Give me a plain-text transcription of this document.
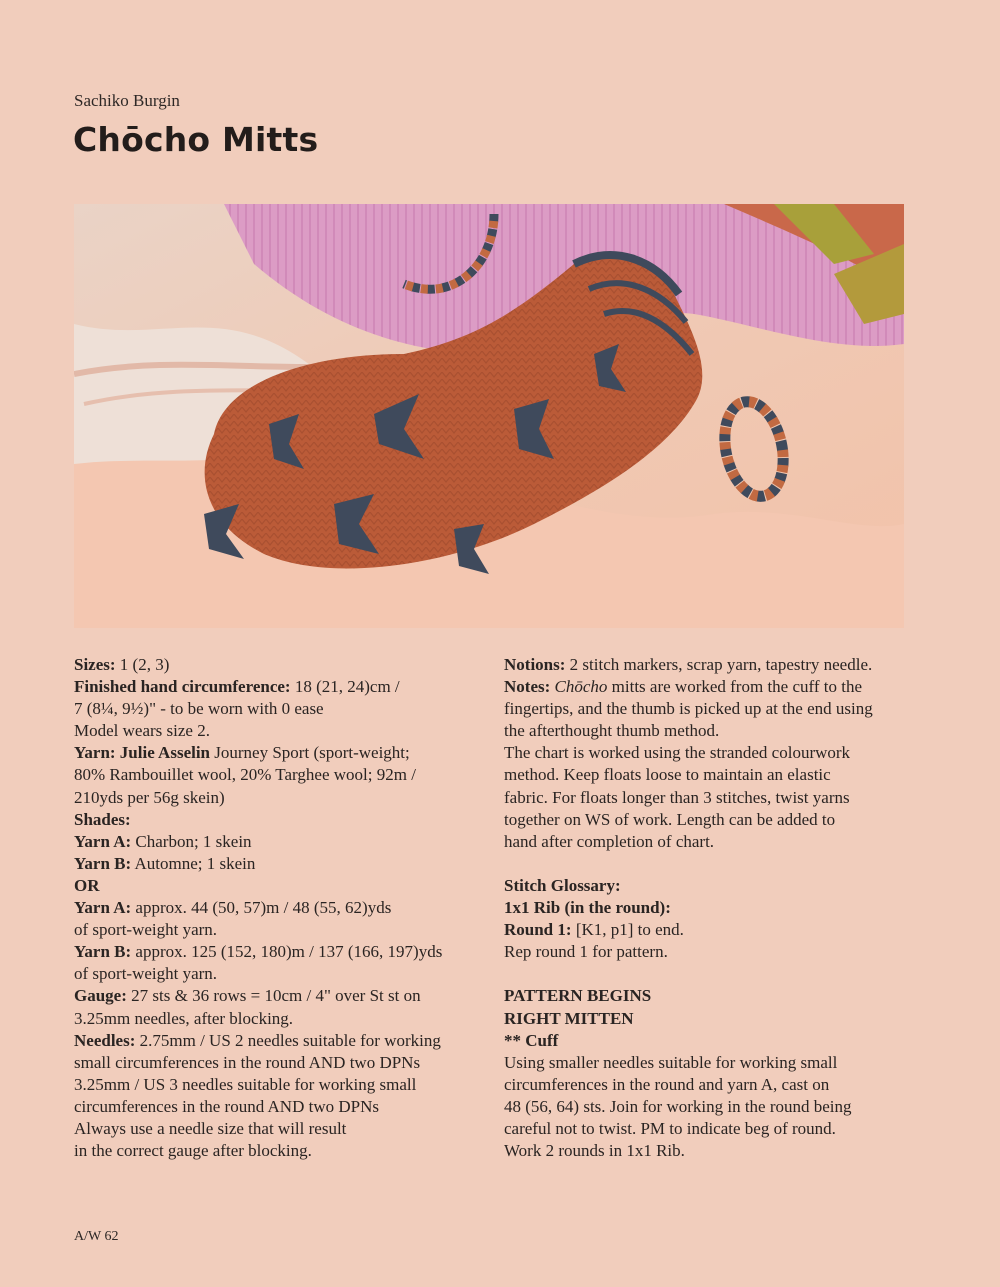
Sachiko Burgin
Chōcho Mitts
Sizes: 1 (2, 3)
Finished hand circumference: 18 (21, 24)cm /
7 (8¼, 9½)" - to be worn with 0 ease
Model wears size 2.
Yarn: Julie Asselin Journey Sport (sport-weight;
80% Rambouillet wool, 20% Targhee wool; 92m /
210yds per 56g skein)
Shades:
Yarn A: Charbon; 1 skein
Yarn B: Automne; 1 skein
OR
Yarn A: approx. 44 (50, 57)m / 48 (55, 62)yds
of sport-weight yarn.
Yarn B: approx. 125 (152, 180)m / 137 (166, 197)yds
of sport-weight yarn.
Gauge: 27 sts & 36 rows = 10cm / 4" over St st on
3.25mm needles, after blocking.
Needles: 2.75mm / US 2 needles suitable for working
small circumferences in the round AND two DPNs
3.25mm / US 3 needles suitable for working small
circumferences in the round AND two DPNs
Always use a needle size that will result
in the correct gauge after blocking.
Notions: 2 stitch markers, scrap yarn, tapestry needle.
Notes: Chōcho mitts are worked from the cuff to the
fingertips, and the thumb is picked up at the end using
the afterthought thumb method.
The chart is worked using the stranded colourwork
method. Keep floats loose to maintain an elastic
fabric. For floats longer than 3 stitches, twist yarns
together on WS of work. Length can be added to
hand after completion of chart.
Stitch Glossary:
1x1 Rib (in the round):
Round 1: [K1, p1] to end.
Rep round 1 for pattern.
PATTERN BEGINS
RIGHT MITTEN
** Cuff
Using smaller needles suitable for working small
circumferences in the round and yarn A, cast on
48 (56, 64) sts. Join for working in the round being
careful not to twist. PM to indicate beg of round.
Work 2 rounds in 1x1 Rib.
A/W 62
